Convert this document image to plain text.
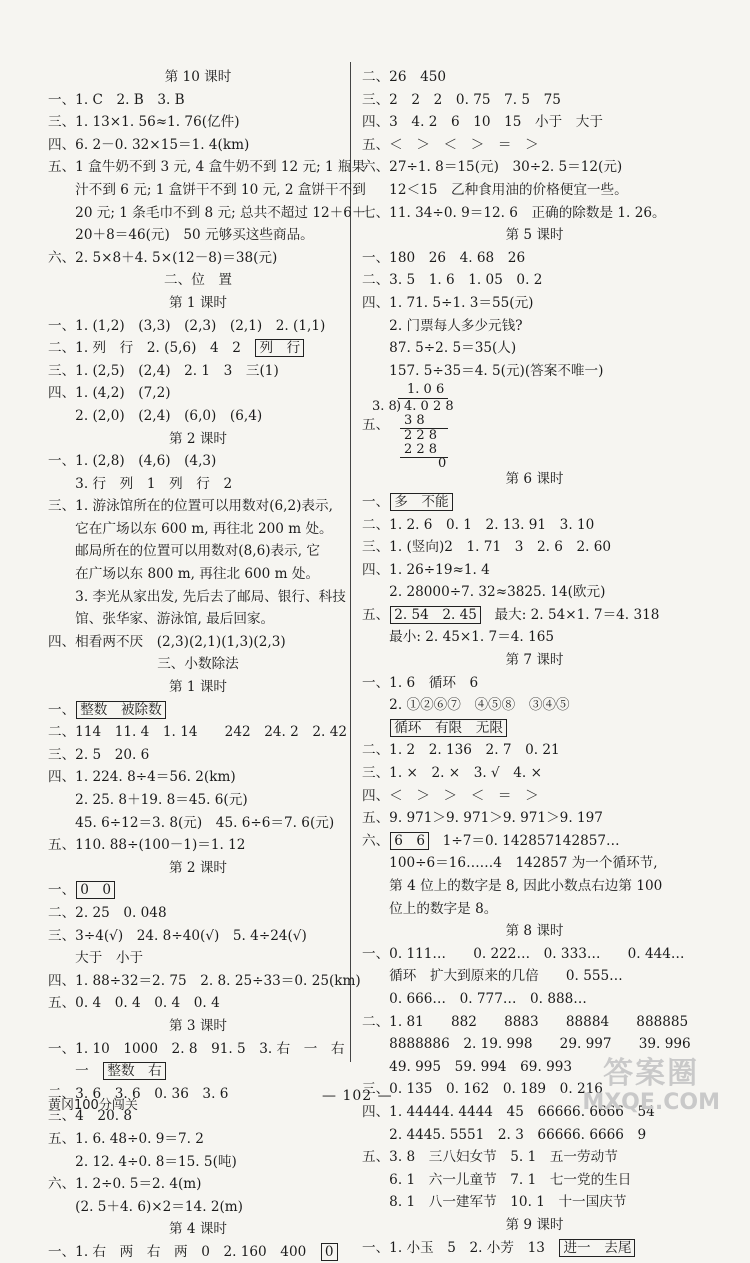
第 10 课时
一、1. C　2. B　3. B
三、1. 13×1. 56≈1. 76(亿件)
四、6. 2－0. 32×15＝1. 4(km)
五、1 盒牛奶不到 3 元, 4 盒牛奶不到 12 元; 1 瓶果
　　汁不到 6 元; 1 盒饼干不到 10 元, 2 盒饼干不到
　　20 元; 1 条毛巾不到 8 元; 总共不超过 12＋6＋
　　20＋8＝46(元)　50 元够买这些商品。
六、2. 5×8＋4. 5×(12－8)＝38(元)
二、位　置
第 1 课时
一、1. (1,2)　(3,3)　(2,3)　(2,1)　2. (1,1)
二、1. 列　行　2. (5,6)　4　2　列　行
三、1. (2,5)　(2,4)　2. 1　3　三(1)
四、1. (4,2)　(7,2)
　　2. (2,0)　(2,4)　(6,0)　(6,4)
第 2 课时
一、1. (2,8)　(4,6)　(4,3)
　　3. 行　列　1　列　行　2
三、1. 游泳馆所在的位置可以用数对(6,2)表示,
　　它在广场以东 600 m, 再往北 200 m 处。
　　邮局所在的位置可以用数对(8,6)表示, 它
　　在广场以东 800 m, 再往北 600 m 处。
　　3. 李光从家出发, 先后去了邮局、银行、科技
　　馆、张华家、游泳馆, 最后回家。
四、相看两不厌　(2,3)(2,1)(1,3)(2,3)
三、小数除法
第 1 课时
一、 整数　被除数
二、114　11. 4　1. 14　　242　24. 2　2. 42
三、2. 5　20. 6
四、1. 224. 8÷4＝56. 2(km)
　　2. 25. 8＋19. 8＝45. 6(元)
　　45. 6÷12＝3. 8(元)　45. 6÷6＝7. 6(元)
五、110. 88÷(100－1)＝1. 12
第 2 课时
一、 0　0
二、2. 25　0. 048
三、3÷4(√)　24. 8÷40(√)　5. 4÷24(√)
　　大于　小于
四、1. 88÷32＝2. 75　2. 8. 25÷33＝0. 25(km)
五、0. 4　0. 4　0. 4　0. 4
第 3 课时
一、1. 10　1000　2. 8　91. 5　3. 右　一　右
　　一　整数　右
二、3. 6　3. 6　0. 36　3. 6
三、4　20. 8
五、1. 6. 48÷0. 9＝7. 2
　　2. 12. 4÷0. 8＝15. 5(吨)
六、1. 2÷0. 5＝2. 4(m)
　　(2. 5＋4. 6)×2＝14. 2(m)
第 4 课时
一、1. 右　两　右　两　0　2. 160　400　0
二、26　450
三、2　2　2　0. 75　7. 5　75
四、3　4. 2　6　10　15　小于　大于
五、＜　＞　＜　＞　＝　＞
六、27÷1. 8＝15(元)　30÷2. 5＝12(元)
　　12＜15　乙种食用油的价格便宜一些。
七、11. 34÷0. 9＝12. 6　正确的除数是 1. 26。
第 5 课时
一、180　26　4. 68　26
二、3. 5　1. 6　1. 05　0. 2
四、1. 71. 5÷1. 3＝55(元)
　　2. 门票每人多少元钱?
　　87. 5÷2. 5＝35(人)
　　157. 5÷35＝4. 5(元)(答案不唯一)
五、
1. 0 6
3. 8 ) 4. 0 2 8
3 8
2 2 8
2 2 8
0
第 6 课时
一、 多　不能
二、1. 2. 6　0. 1　2. 13. 91　3. 10
三、1. (竖向)2　1. 71　3　2. 6　2. 60
四、1. 26÷19≈1. 4
　　2. 28000÷7. 32≈3825. 14(欧元)
五、 2. 54　2. 45　最大: 2. 54×1. 7＝4. 318
　　最小: 2. 45×1. 7＝4. 165
第 7 课时
一、1. 6　循环　6
　　2. ①②⑥⑦　④⑤⑧　③④⑤
　　循环　有限　无限
二、1. 2　2. 136　2. 7　0. 21
三、1. ×　2. ×　3. √　4. ×
四、＜　＞　＞　＜　＝　＞
五、9. 971＞9. 971＞9. 971＞9. 197
六、 6　6　1÷7＝0. 142857142857…
　　100÷6＝16……4　142857 为一个循环节,
　　第 4 位上的数字是 8, 因此小数点右边第 100
　　位上的数字是 8。
第 8 课时
一、0. 111…　　0. 222…　0. 333…　　0. 444…
　　循环　扩大到原来的几倍　　0. 555…
　　0. 666…　0. 777…　0. 888…
二、1. 81　　882　　8883　　88884　　888885
　　8888886　2. 19. 998　　29. 997　　39. 996
　　49. 995　59. 994　69. 993
三、0. 135　0. 162　0. 189　0. 216
四、1. 44444. 4444　45　66666. 6666　54
　　2. 4445. 5551　2. 3　66666. 6666　9
五、3. 8　三八妇女节　5. 1　五一劳动节
　　6. 1　六一儿童节　7. 1　七一党的生日
　　8. 1　八一建军节　10. 1　十一国庆节
第 9 课时
一、1. 小玉　5　2. 小芳　13　进一　去尾
黄冈100分闯关
— 102 —
答案圈
MXQE.COM
